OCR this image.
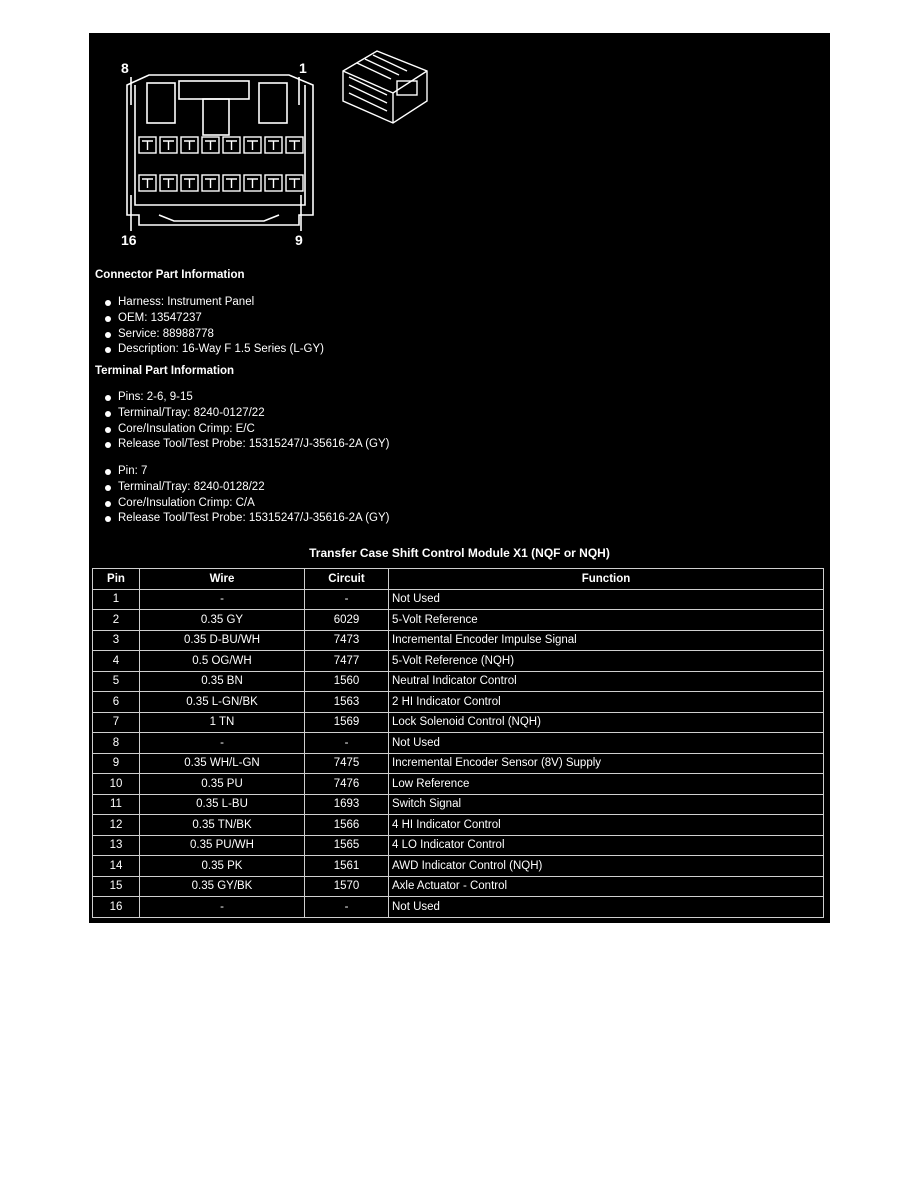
8	1
16	9
Connector Part Information
Harness: Instrument Panel
OEM: 13547237
Service: 88988778
Description: 16-Way F 1.5 Series (L-GY)
Terminal Part Information
Pins: 2-6, 9-15
Terminal/Tray: 8240-0127/22
Core/Insulation Crimp: E/C
Release Tool/Test Probe: 15315247/J-35616-2A (GY)
Pin: 7
Terminal/Tray: 8240-0128/22
Core/Insulation Crimp: C/A
Release Tool/Test Probe: 15315247/J-35616-2A (GY)
Transfer Case Shift Control Module X1 (NQF or NQH)
Pin	Wire	Circuit	Function
1	-	-	Not Used
2	0.35 GY	6029	5-Volt Reference
3	0.35 D-BU/WH	7473	Incremental Encoder Impulse Signal
4	0.5 OG/WH	7477	5-Volt Reference (NQH)
5	0.35 BN	1560	Neutral Indicator Control
6	0.35 L-GN/BK	1563	2 HI Indicator Control
7	1 TN	1569	Lock Solenoid Control (NQH)
8	-	-	Not Used
9	0.35 WH/L-GN	7475	Incremental Encoder Sensor (8V) Supply
10	0.35 PU	7476	Low Reference
11	0.35 L-BU	1693	Switch Signal
12	0.35 TN/BK	1566	4 HI Indicator Control
13	0.35 PU/WH	1565	4 LO Indicator Control
14	0.35 PK	1561	AWD Indicator Control (NQH)
15	0.35 GY/BK	1570	Axle Actuator - Control
16	-	-	Not Used
